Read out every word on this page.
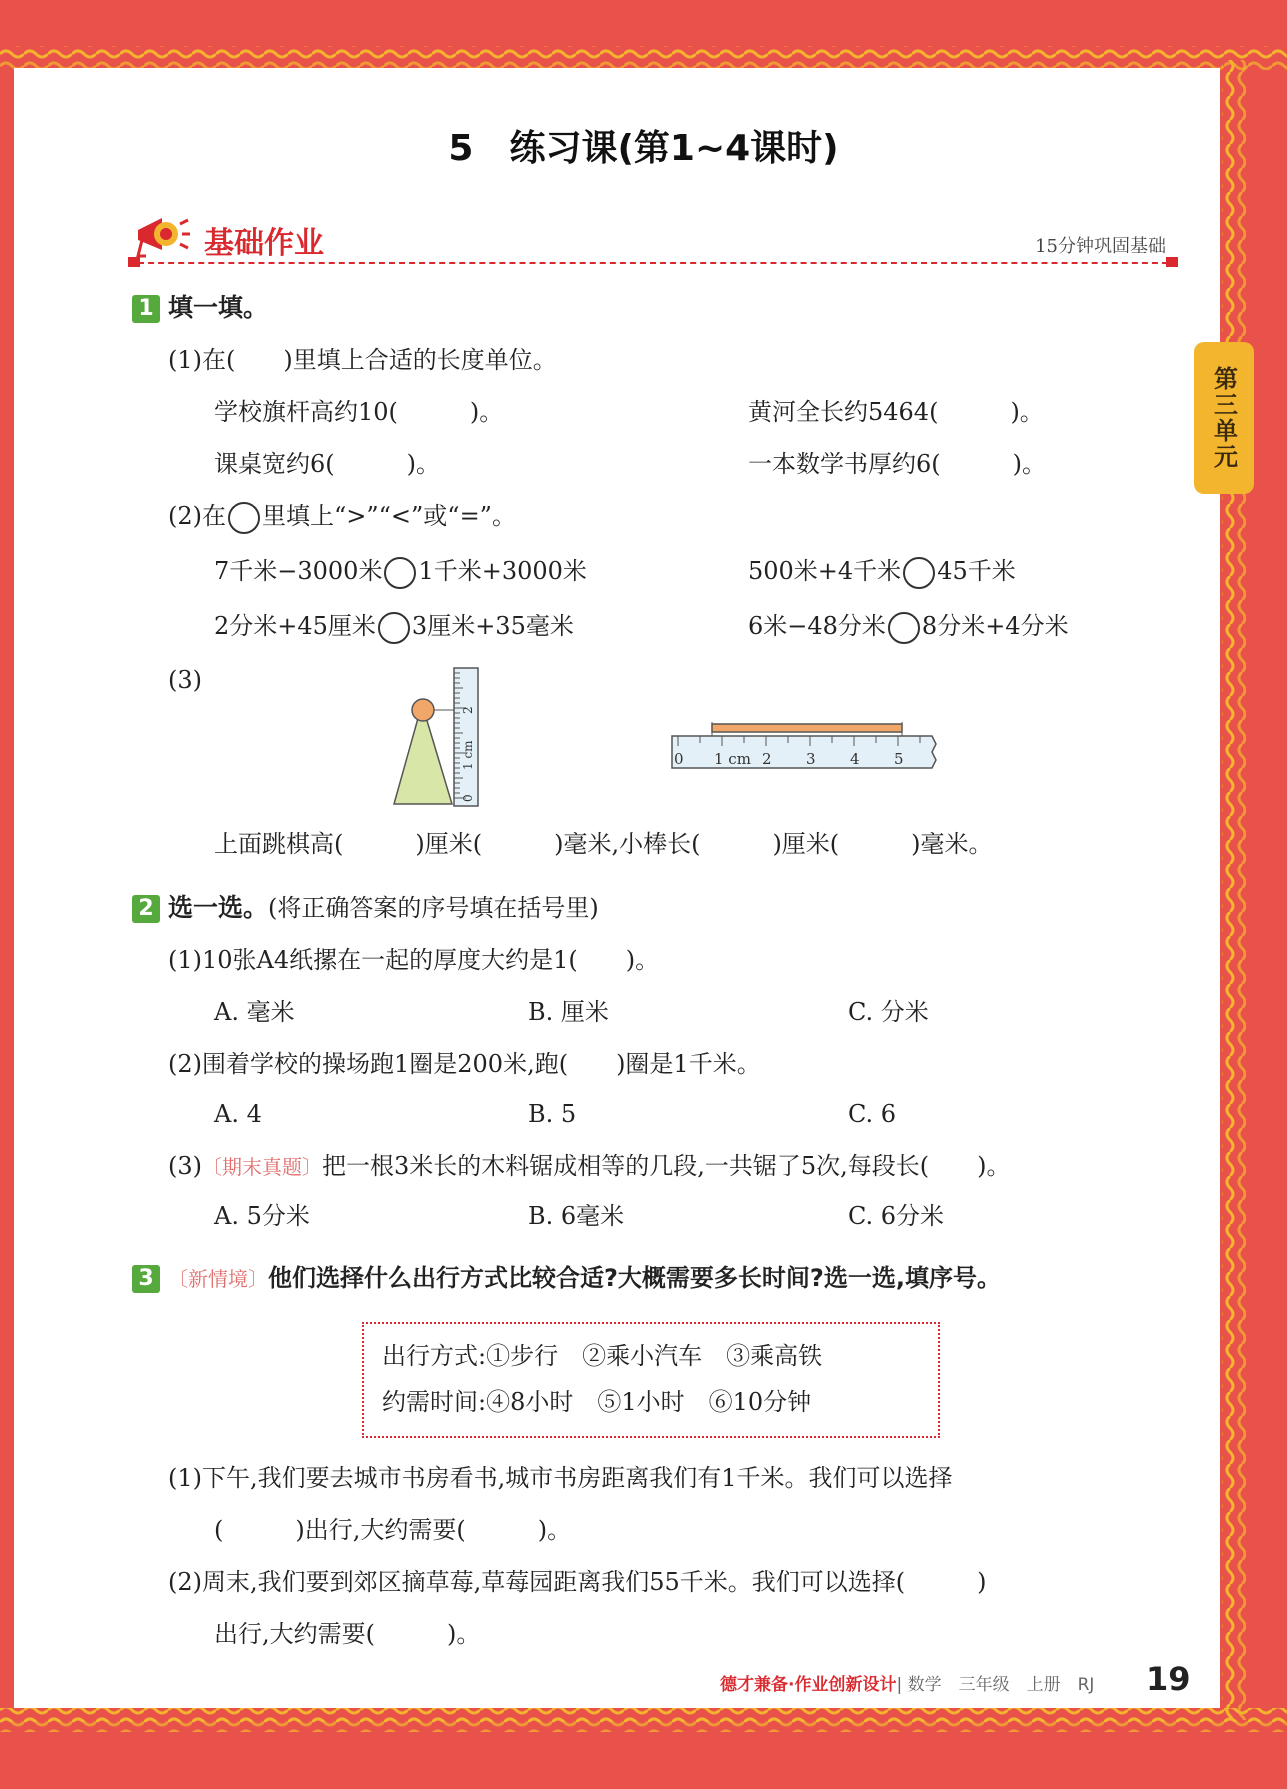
第三单元
5　练习课(第1~4课时)
基础作业	15分钟巩固基础
1 填一填。
(1)在(　　)里填上合适的长度单位。
学校旗杆高约10(　　　)。	黄河全长约5464(　　　)。
课桌宽约6(　　　)。	一本数学书厚约6(　　　)。
(2)在 里填上“>”“<”或“=”。
7千米−3000米 1千米+3000米	500米+4千米 45千米
2分米+45厘米 3厘米+35毫米	6米−48分米 8分米+4分米
(3)
0
1 cm
2
0 1 cm 2 3 4 5
上面跳棋高(　　　)厘米(　　　)毫米,小棒长(　　　)厘米(　　　)毫米。
2 选一选。(将正确答案的序号填在括号里)
(1)10张A4纸摞在一起的厚度大约是1(　　)。
A. 毫米	B. 厘米	C. 分米
(2)围着学校的操场跑1圈是200米,跑(　　)圈是1千米。
A. 4	B. 5	C. 6
(3)〔期末真题〕把一根3米长的木料锯成相等的几段,一共锯了5次,每段长(　　)。
A. 5分米	B. 6毫米	C. 6分米
3 〔新情境〕他们选择什么出行方式比较合适?大概需要多长时间?选一选,填序号。
出行方式:①步行　②乘小汽车　③乘高铁
约需时间:④8小时　⑤1小时　⑥10分钟
(1)下午,我们要去城市书房看书,城市书房距离我们有1千米。我们可以选择
(　　　)出行,大约需要(　　　)。
(2)周末,我们要到郊区摘草莓,草莓园距离我们55千米。我们可以选择(　　　)
出行,大约需要(　　　)。
德才兼备·作业创新设计| 数学　三年级　上册　RJ 19
